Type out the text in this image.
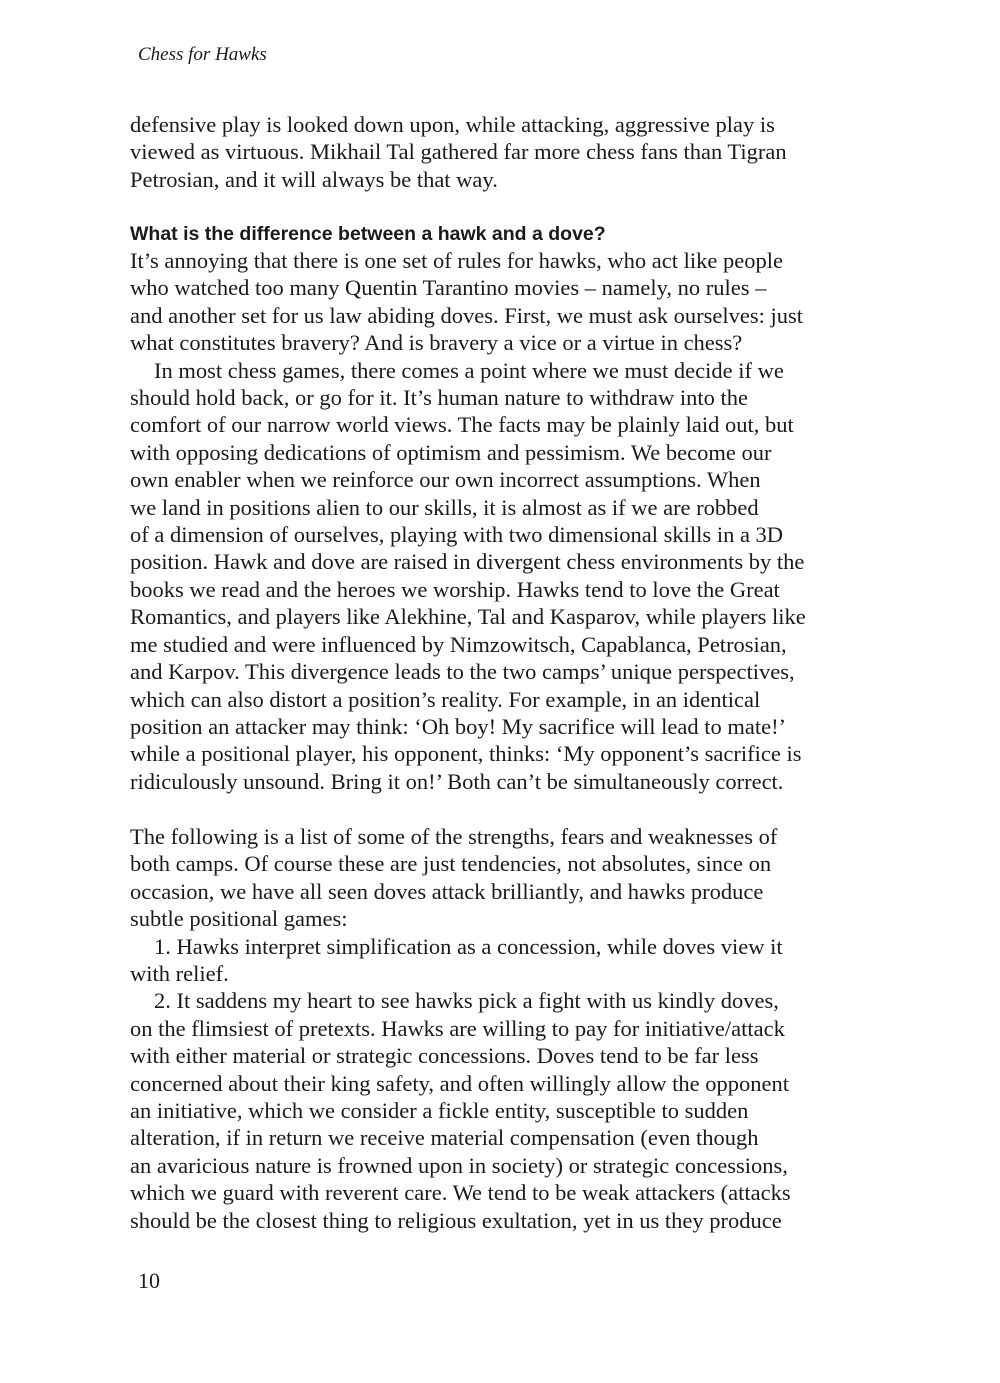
Chess for Hawks

defensive play is looked down upon, while attacking, aggressive play is
viewed as virtuous. Mikhail Tal gathered far more chess fans than Tigran
Petrosian, and it will always be that way.

What is the difference between a hawk and a dove?

It’s annoying that there is one set of rules for hawks, who act like people
who watched too many Quentin Tarantino movies – namely, no rules –
and another set for us law abiding doves. First, we must ask ourselves: just
what constitutes bravery? And is bravery a vice or a virtue in chess?
In most chess games, there comes a point where we must decide if we
should hold back, or go for it. It’s human nature to withdraw into the
comfort of our narrow world views. The facts may be plainly laid out, but
with opposing dedications of optimism and pessimism. We become our
own enabler when we reinforce our own incorrect assumptions. When
we land in positions alien to our skills, it is almost as if we are robbed
of a dimension of ourselves, playing with two dimensional skills in a 3D
position. Hawk and dove are raised in divergent chess environments by the
books we read and the heroes we worship. Hawks tend to love the Great
Romantics, and players like Alekhine, Tal and Kasparov, while players like
me studied and were influenced by Nimzowitsch, Capablanca, Petrosian,
and Karpov. This divergence leads to the two camps’ unique perspectives,
which can also distort a position’s reality. For example, in an identical
position an attacker may think: ‘Oh boy! My sacrifice will lead to mate!’
while a positional player, his opponent, thinks: ‘My opponent’s sacrifice is
ridiculously unsound. Bring it on!’ Both can’t be simultaneously correct.

The following is a list of some of the strengths, fears and weaknesses of
both camps. Of course these are just tendencies, not absolutes, since on
occasion, we have all seen doves attack brilliantly, and hawks produce
subtle positional games:
1. Hawks interpret simplification as a concession, while doves view it
with relief.
2. It saddens my heart to see hawks pick a fight with us kindly doves,
on the flimsiest of pretexts. Hawks are willing to pay for initiative/attack
with either material or strategic concessions. Doves tend to be far less
concerned about their king safety, and often willingly allow the opponent
an initiative, which we consider a fickle entity, susceptible to sudden
alteration, if in return we receive material compensation (even though
an avaricious nature is frowned upon in society) or strategic concessions,
which we guard with reverent care. We tend to be weak attackers (attacks
should be the closest thing to religious exultation, yet in us they produce

10
